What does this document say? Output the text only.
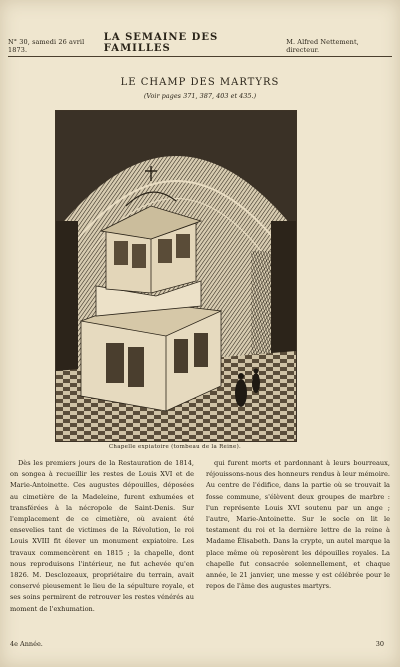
N° 30, samedi 26 avril 1873.
LA SEMAINE DES FAMILLES
M. Alfred Nettement, directeur.
LE CHAMP DES MARTYRS
(Voir pages 371, 387, 403 et 435.)
Chapelle expiatoire (tombeau de la Reine).

Dès les premiers jours de la Restauration de 1814, on songea à recueillir les restes de Louis XVI et de Marie-Antoinette. Ces augustes dépouilles, déposées au cimetière de la Madeleine, furent exhumées et transférées à la nécropole de Saint-Denis. Sur l'emplacement de ce cimetière, où avaient été ensevelies tant de victimes de la Révolution, le roi Louis XVIII fit élever un monument expiatoire. Les travaux commencèrent en 1815 ; la chapelle, dont nous reproduisons l'intérieur, ne fut achevée qu'en 1826. M. Desclozeaux, propriétaire du terrain, avait conservé pieusement le lieu de la sépulture royale, et ses soins permirent de retrouver les restes vénérés au moment de l'exhumation.

qui furent morts et pardonnant à leurs bourreaux, réjouissons-nous des honneurs rendus à leur mémoire. Au centre de l'édifice, dans la partie où se trouvait la fosse commune, s'élèvent deux groupes de marbre : l'un représente Louis XVI soutenu par un ange ; l'autre, Marie-Antoinette. Sur le socle on lit le testament du roi et la dernière lettre de la reine à Madame Élisabeth. Dans la crypte, un autel marque la place même où reposèrent les dépouilles royales. La chapelle fut consacrée solennellement, et chaque année, le 21 janvier, une messe y est célébrée pour le repos de l'âme des augustes martyrs.

4e Année.	30
